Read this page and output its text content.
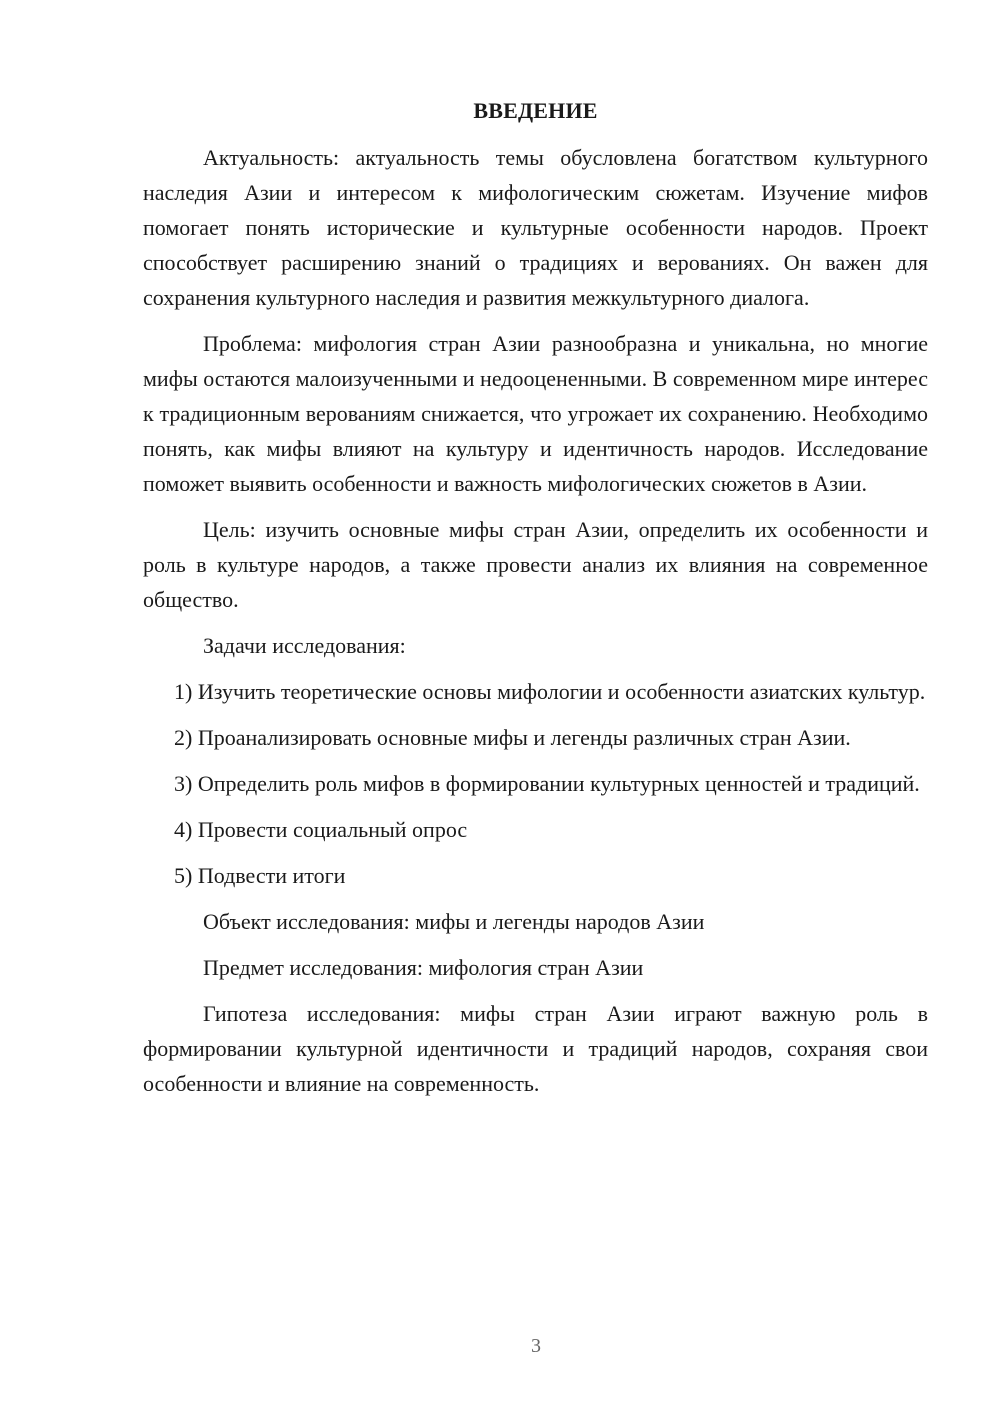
ВВЕДЕНИЕ

Актуальность: актуальность темы обусловлена богатством культурного наследия Азии и интересом к мифологическим сюжетам. Изучение мифов помогает понять исторические и культурные особенности народов. Проект способствует расширению знаний о традициях и верованиях. Он важен для сохранения культурного наследия и развития межкультурного диалога.

Проблема: мифология стран Азии разнообразна и уникальна, но многие мифы остаются малоизученными и недооцененными. В современном мире интерес к традиционным верованиям снижается, что угрожает их сохранению. Необходимо понять, как мифы влияют на культуру и идентичность народов. Исследование поможет выявить особенности и важность мифологических сюжетов в Азии.

Цель: изучить основные мифы стран Азии, определить их особенности и роль в культуре народов, а также провести анализ их влияния на современное общество.

Задачи исследования:

1) Изучить теоретические основы мифологии и особенности азиатских культур.

2) Проанализировать основные мифы и легенды различных стран Азии.

3) Определить роль мифов в формировании культурных ценностей и традиций.

4) Провести социальный опрос

5) Подвести итоги

Объект исследования: мифы и легенды народов Азии

Предмет исследования: мифология стран Азии

Гипотеза исследования: мифы стран Азии играют важную роль в формировании культурной идентичности и традиций народов, сохраняя свои особенности и влияние на современность.

3
